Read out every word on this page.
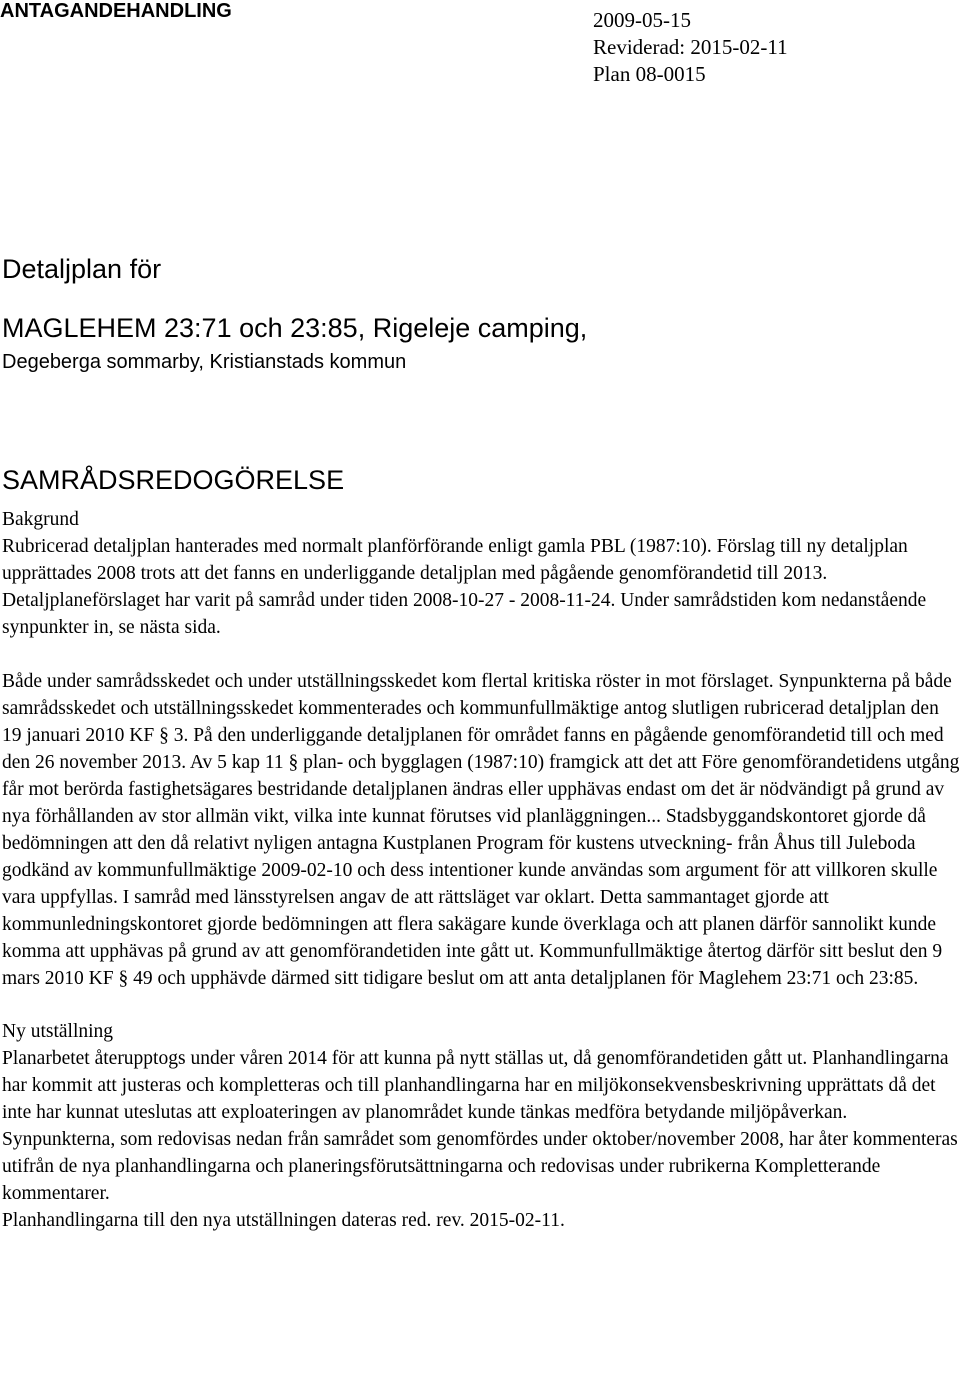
ANTAGANDEHANDLING	2009-05-15
Reviderad: 2015-02-11
Plan 08-0015
Detaljplan för
MAGLEHEM 23:71 och 23:85, Rigeleje camping,
Degeberga sommarby, Kristianstads kommun
SAMRÅDSREDOGÖRELSE

Bakgrund

Rubricerad detaljplan hanterades med normalt planförförande enligt gamla PBL (1987:10). Förslag till ny detaljplan upprättades 2008 trots att det fanns en underliggande detaljplan med pågående genomförandetid till 2013. Detaljplaneförslaget har varit på samråd under tiden 2008-10-27 - 2008-11-24. Under samrådstiden kom nedanstående synpunkter in, se nästa sida.

Både under samrådsskedet och under utställningsskedet kom flertal kritiska röster in mot förslaget. Synpunkterna på både samrådsskedet och utställningsskedet kommenterades och kommunfullmäktige antog slutligen rubricerad detaljplan den 19 januari 2010 KF § 3. På den underliggande detaljplanen för området fanns en pågående genomförandetid till och med den 26 november 2013. Av 5 kap 11 § plan- och bygglagen (1987:10) framgick att det att Före genomförandetidens utgång får mot berörda fastighetsägares bestridande detaljplanen ändras eller upphävas endast om det är nödvändigt på grund av nya förhållanden av stor allmän vikt, vilka inte kunnat förutses vid planläggningen... Stadsbyggandskontoret gjorde då bedömningen att den då relativt nyligen antagna Kustplanen Program för kustens utveckning- från Åhus till Juleboda godkänd av kommunfullmäktige 2009-02-10 och dess intentioner kunde användas som argument för att villkoren skulle vara uppfyllas. I samråd med länsstyrelsen angav de att rättsläget var oklart. Detta sammantaget gjorde att kommunledningskontoret gjorde bedömningen att flera sakägare kunde överklaga och att planen därför sannolikt kunde komma att upphävas på grund av att genomförandetiden inte gått ut. Kommunfullmäktige återtog därför sitt beslut den 9 mars 2010 KF § 49 och upphävde därmed sitt tidigare beslut om att anta detaljplanen för Maglehem 23:71 och 23:85.

Ny utställning

Planarbetet återupptogs under våren 2014 för att kunna på nytt ställas ut, då genomförandetiden gått ut. Planhandlingarna har kommit att justeras och kompletteras och till planhandlingarna har en miljökonsekvensbeskrivning upprättats då det inte har kunnat uteslutas att exploateringen av planområdet kunde tänkas medföra betydande miljöpåverkan.

Synpunkterna, som redovisas nedan från samrådet som genomfördes under oktober/november 2008, har åter kommenteras utifrån de nya planhandlingarna och planeringsförutsättningarna och redovisas under rubrikerna Kompletterande kommentarer.

Planhandlingarna till den nya utställningen dateras red. rev. 2015-02-11.
